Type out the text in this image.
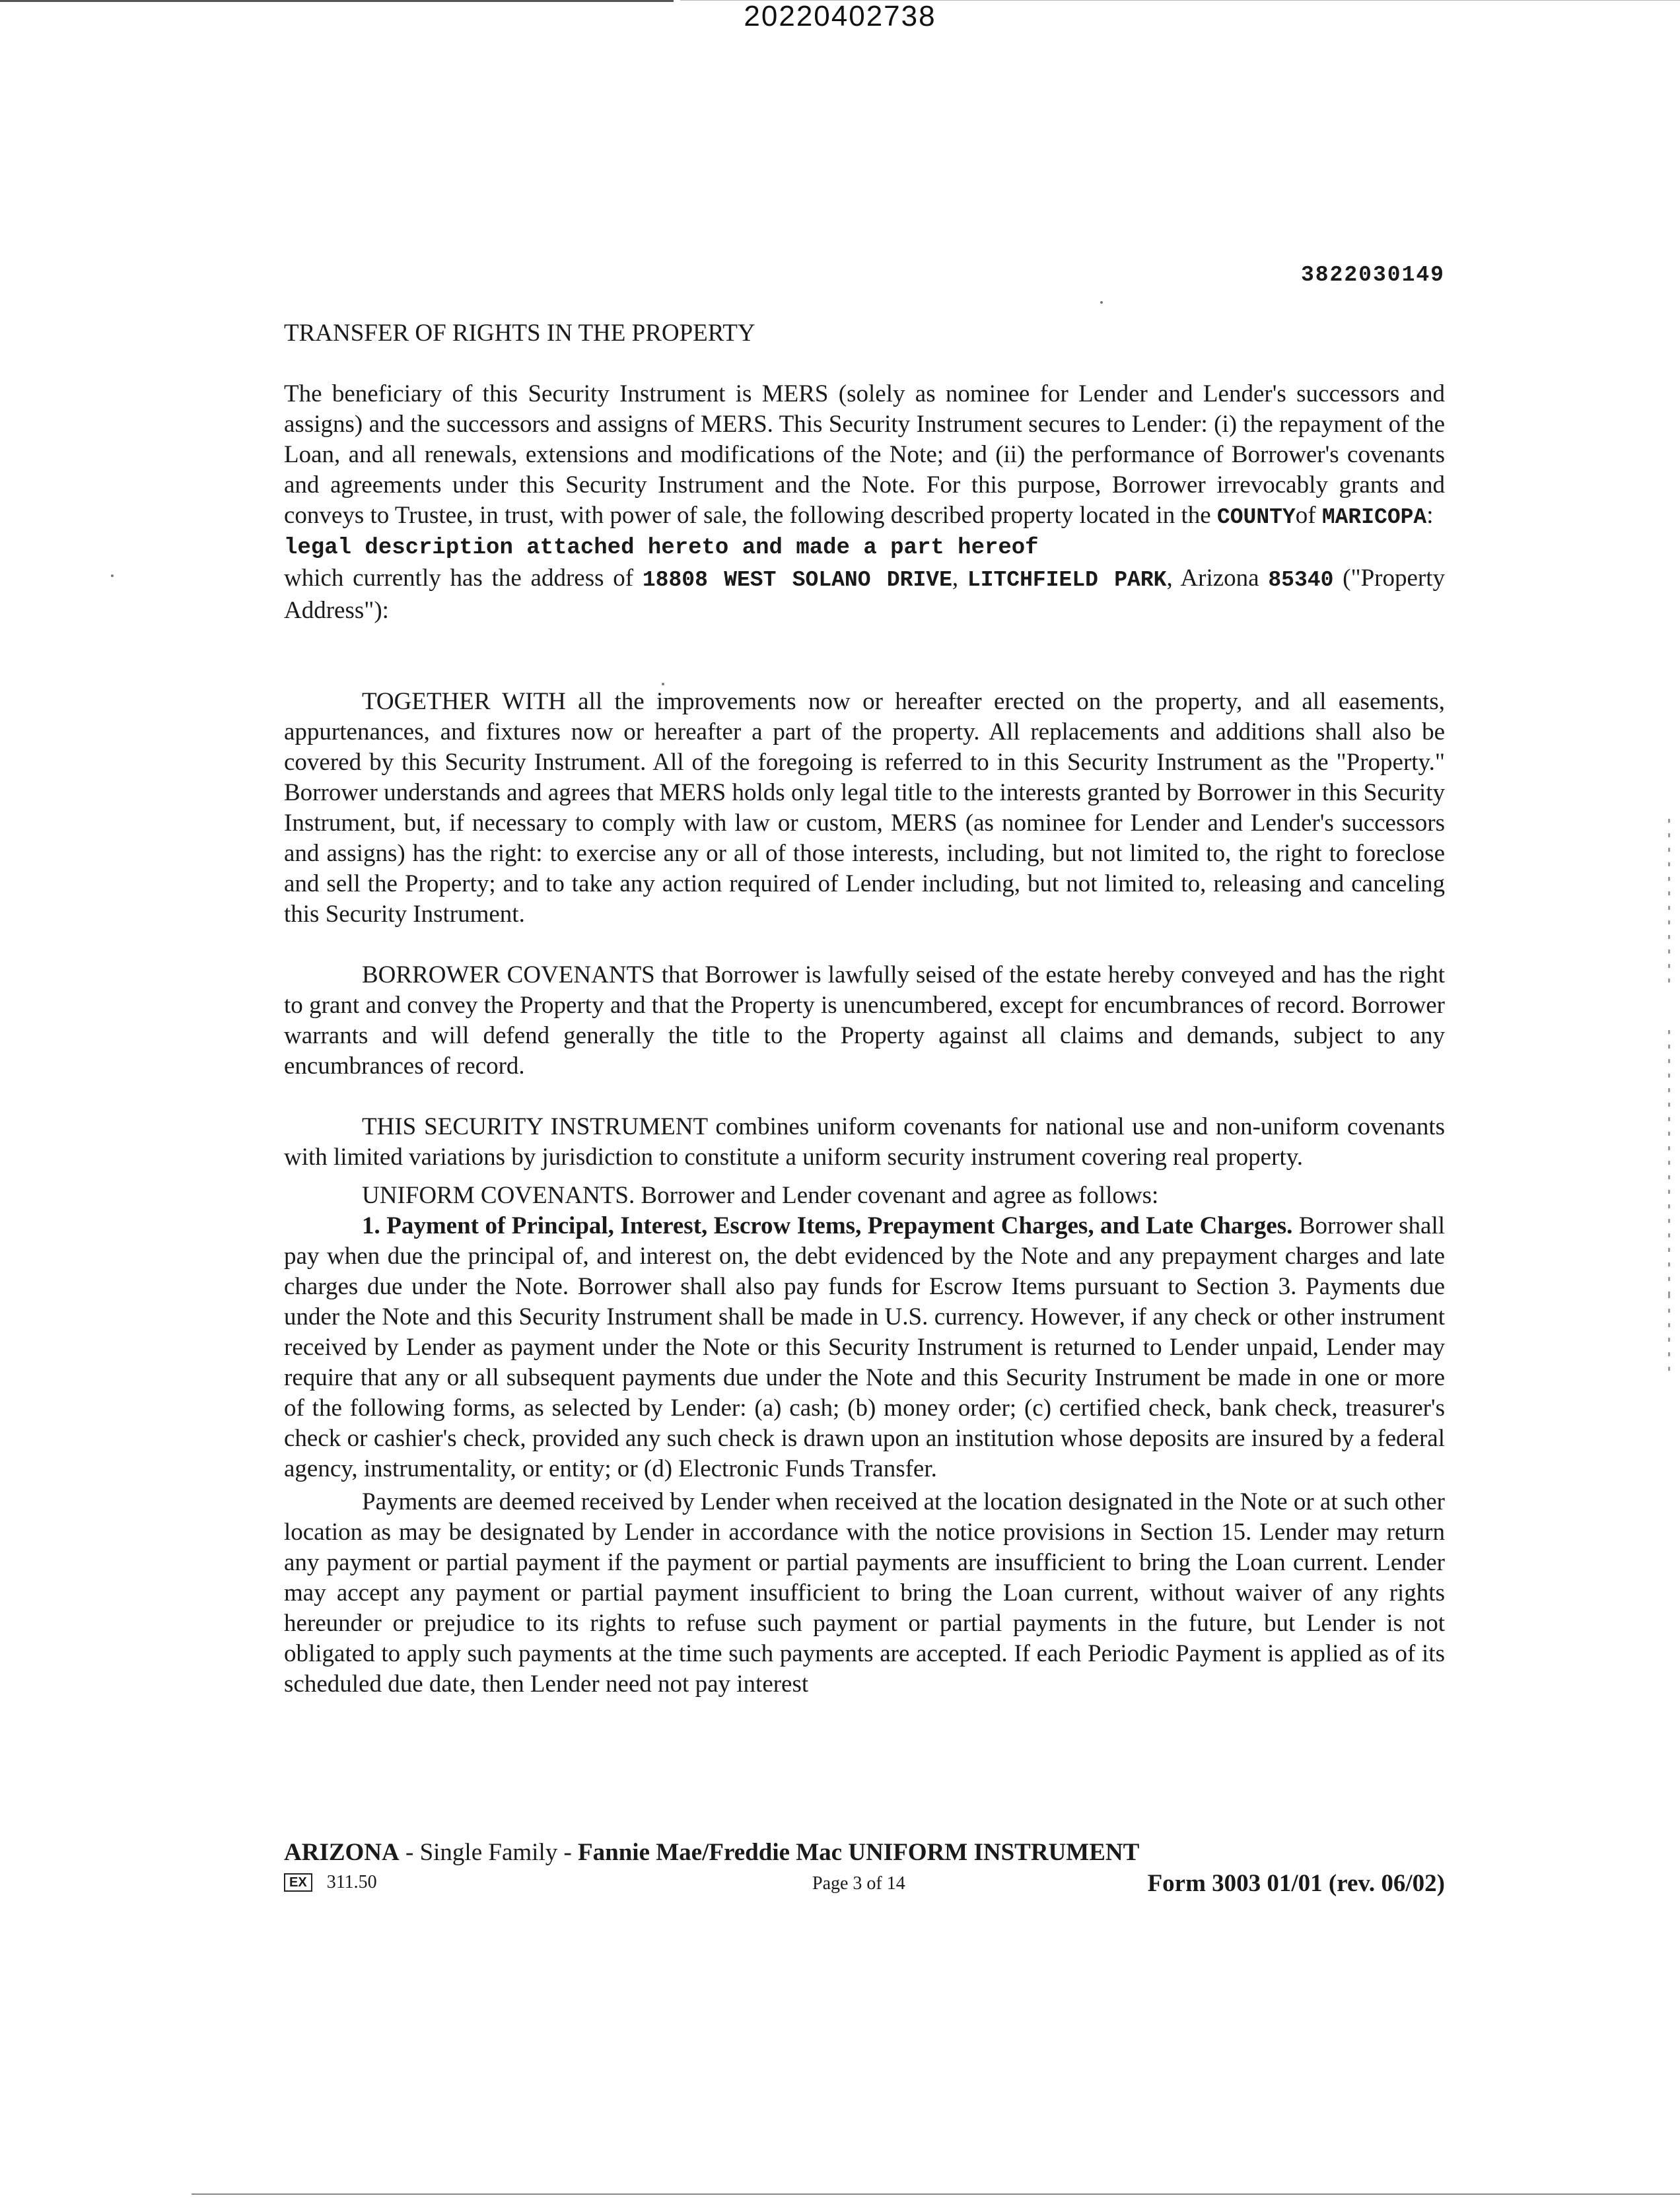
20220402738
3822030149
TRANSFER OF RIGHTS IN THE PROPERTY

The beneficiary of this Security Instrument is MERS (solely as nominee for Lender and Lender's successors and assigns) and the successors and assigns of MERS. This Security Instrument secures to Lender: (i) the repayment of the Loan, and all renewals, extensions and modifications of the Note; and (ii) the performance of Borrower's covenants and agreements under this Security Instrument and the Note. For this purpose, Borrower irrevocably grants and conveys to Trustee, in trust, with power of sale, the following described property located in the COUNTYof MARICOPA:

legal description attached hereto and made a part hereof

which currently has the address of 18808 WEST SOLANO DRIVE, LITCHFIELD PARK, Arizona 85340 ("Property Address"):

TOGETHER WITH all the improvements now or hereafter erected on the property, and all easements, appurtenances, and fixtures now or hereafter a part of the property. All replacements and additions shall also be covered by this Security Instrument. All of the foregoing is referred to in this Security Instrument as the "Property." Borrower understands and agrees that MERS holds only legal title to the interests granted by Borrower in this Security Instrument, but, if necessary to comply with law or custom, MERS (as nominee for Lender and Lender's successors and assigns) has the right: to exercise any or all of those interests, including, but not limited to, the right to foreclose and sell the Property; and to take any action required of Lender including, but not limited to, releasing and canceling this Security Instrument.

BORROWER COVENANTS that Borrower is lawfully seised of the estate hereby conveyed and has the right to grant and convey the Property and that the Property is unencumbered, except for encumbrances of record. Borrower warrants and will defend generally the title to the Property against all claims and demands, subject to any encumbrances of record.

THIS SECURITY INSTRUMENT combines uniform covenants for national use and non-uniform covenants with limited variations by jurisdiction to constitute a uniform security instrument covering real property.

UNIFORM COVENANTS. Borrower and Lender covenant and agree as follows:

1. Payment of Principal, Interest, Escrow Items, Prepayment Charges, and Late Charges. Borrower shall pay when due the principal of, and interest on, the debt evidenced by the Note and any prepayment charges and late charges due under the Note. Borrower shall also pay funds for Escrow Items pursuant to Section 3. Payments due under the Note and this Security Instrument shall be made in U.S. currency. However, if any check or other instrument received by Lender as payment under the Note or this Security Instrument is returned to Lender unpaid, Lender may require that any or all subsequent payments due under the Note and this Security Instrument be made in one or more of the following forms, as selected by Lender: (a) cash; (b) money order; (c) certified check, bank check, treasurer's check or cashier's check, provided any such check is drawn upon an institution whose deposits are insured by a federal agency, instrumentality, or entity; or (d) Electronic Funds Transfer.

Payments are deemed received by Lender when received at the location designated in the Note or at such other location as may be designated by Lender in accordance with the notice provisions in Section 15. Lender may return any payment or partial payment if the payment or partial payments are insufficient to bring the Loan current. Lender may accept any payment or partial payment insufficient to bring the Loan current, without waiver of any rights hereunder or prejudice to its rights to refuse such payment or partial payments in the future, but Lender is not obligated to apply such payments at the time such payments are accepted. If each Periodic Payment is applied as of its scheduled due date, then Lender need not pay interest

ARIZONA - Single Family - Fannie Mae/Freddie Mac UNIFORM INSTRUMENT
EX 311.50	Page 3 of 14	Form 3003 01/01 (rev. 06/02)
